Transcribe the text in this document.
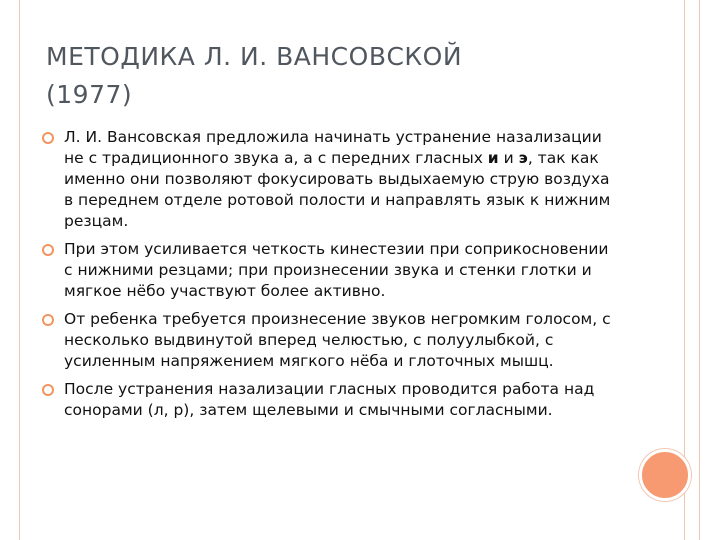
МЕТОДИКА Л. И. ВАНСОВСКОЙ
(1977)
Л. И. Вансовская предложила начинать устранение назализации не с традиционного звука а, а с передних гласных и и э, так как именно они позволяют фокусировать выдыхаемую струю воздуха в переднем отделе ротовой полости и направлять язык к нижним резцам.
При этом усиливается четкость кинестезии при соприкосновении с нижними резцами; при произнесении звука и стенки глотки и мягкое нёбо участвуют более активно.
От ребенка требуется произнесение звуков негромким голосом, с несколько выдвинутой вперед челюстью, с полуулыбкой, с усиленным напряжением мягкого нёба и глоточных мышц.
После устранения назализации гласных проводится работа над сонорами (л, р), затем щелевыми и смычными согласными.
